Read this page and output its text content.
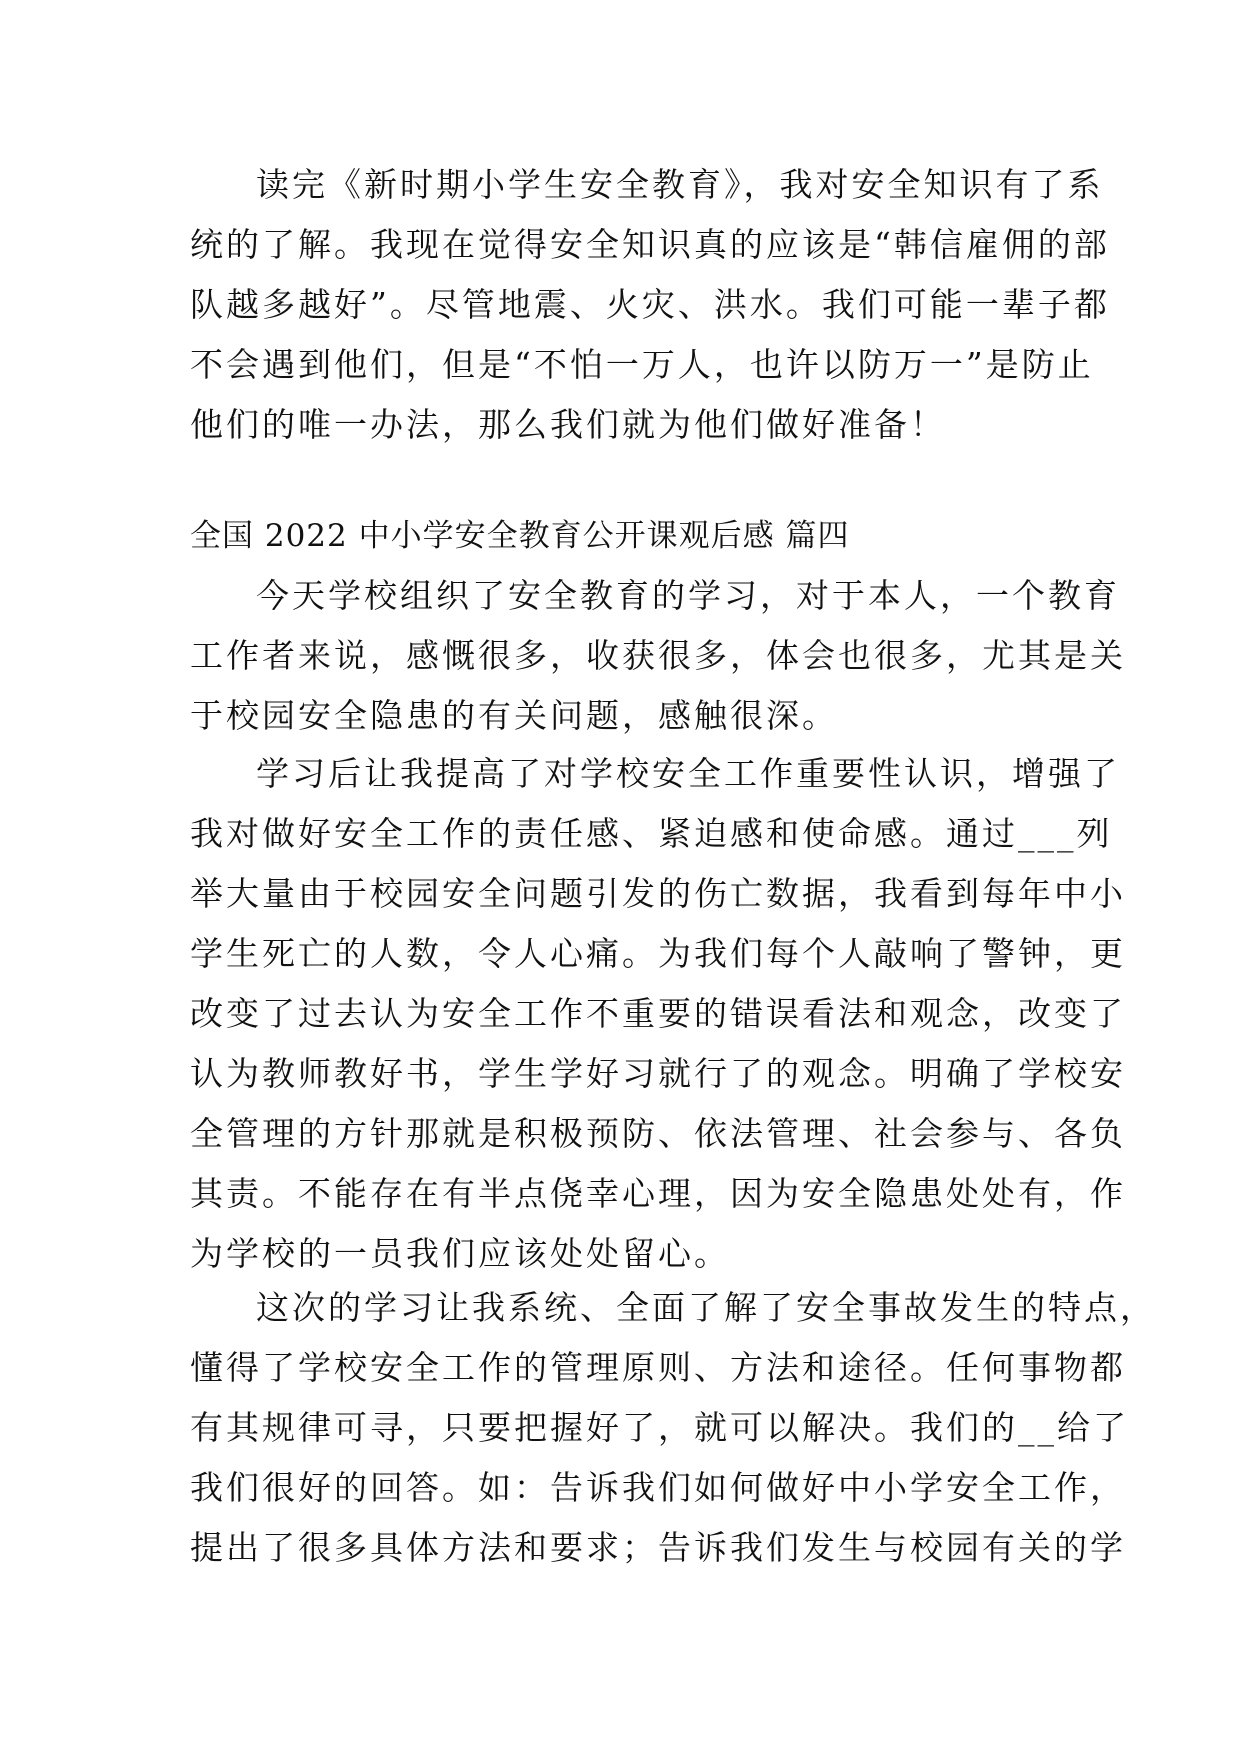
读完《新时期小学生安全教育》，我对安全知识有了系
统的了解。我现在觉得安全知识真的应该是“韩信雇佣的部
队越多越好”。尽管地震、火灾、洪水。我们可能一辈子都
不会遇到他们，但是“不怕一万人，也许以防万一”是防止
他们的唯一办法，那么我们就为他们做好准备！
全国 2022 中小学安全教育公开课观后感 篇四
今天学校组织了安全教育的学习，对于本人，一个教育
工作者来说，感慨很多，收获很多，体会也很多，尤其是关
于校园安全隐患的有关问题，感触很深。
学习后让我提高了对学校安全工作重要性认识，增强了
我对做好安全工作的责任感、紧迫感和使命感。通过___列
举大量由于校园安全问题引发的伤亡数据，我看到每年中小
学生死亡的人数，令人心痛。为我们每个人敲响了警钟，更
改变了过去认为安全工作不重要的错误看法和观念，改变了
认为教师教好书，学生学好习就行了的观念。明确了学校安
全管理的方针那就是积极预防、依法管理、社会参与、各负
其责。不能存在有半点侥幸心理，因为安全隐患处处有，作
为学校的一员我们应该处处留心。
这次的学习让我系统、全面了解了安全事故发生的特点，
懂得了学校安全工作的管理原则、方法和途径。任何事物都
有其规律可寻，只要把握好了，就可以解决。我们的__给了
我们很好的回答。如：告诉我们如何做好中小学安全工作，
提出了很多具体方法和要求；告诉我们发生与校园有关的学
